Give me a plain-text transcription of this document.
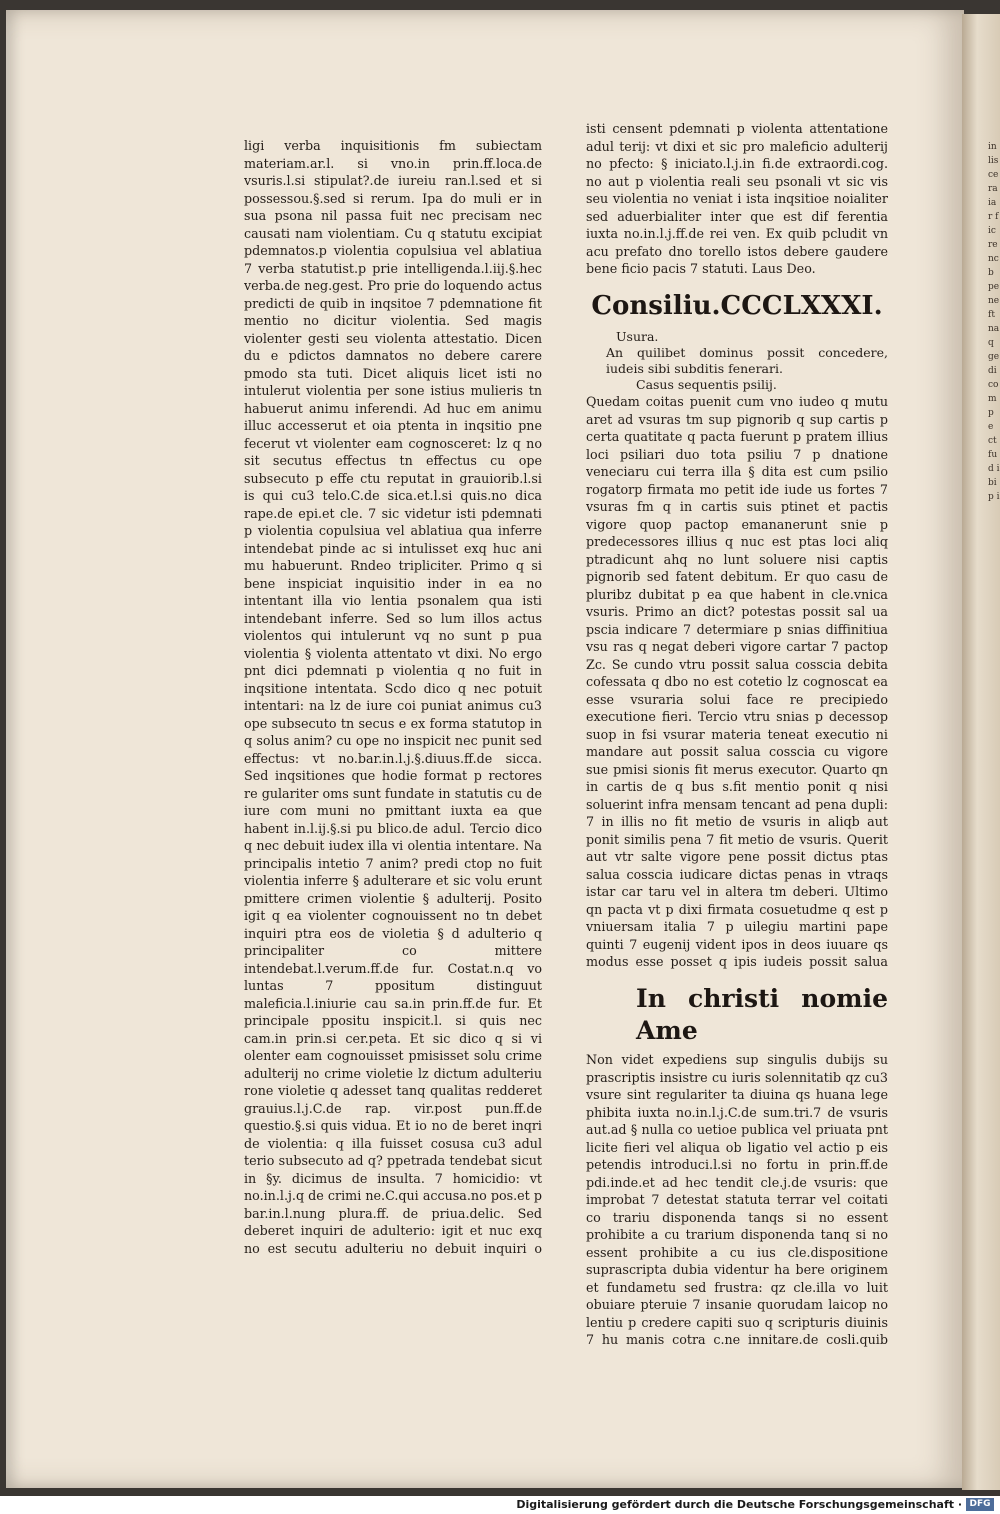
in lis ce ra ia r fic re nc b pe ne ft na q ge di co m p e ct fu d i bi p i

ligi verba inquisitionis fm subiectam materiam.ar.l. si vno.in prin.ff.loca.de vsuris.l.si stipulat?.de iureiu ran.l.sed et si possessou.§.sed si rerum. Ipa do muli er in sua psona nil passa fuit nec precisam nec causati nam violentiam. Cu q statutu excipiat pdemnatos.p violentia copulsiua vel ablatiua 7 verba statutist.p prie intelligenda.l.iij.§.hec verba.de neg.gest. Pro prie do loquendo actus predicti de quib in inqsitoe 7 pdemnatione fit mentio no dicitur violentia. Sed magis violenter gesti seu violenta attestatio. Dicen du e pdictos damnatos no debere carere pmodo sta tuti. Dicet aliquis licet isti no intulerut violentia per sone istius mulieris tn habuerut animu inferendi. Ad huc em animu illuc accesserut et oia ptenta in inqsitio pne fecerut vt violenter eam cognosceret: lz q no sit secutus effectus tn effectus cu ope subsecuto p effe ctu reputat in grauiorib.l.si is qui cu3 telo.C.de sica.et.l.si quis.no dica rape.de epi.et cle. 7 sic videtur isti pdemnati p violentia copulsiua vel ablatiua qua inferre intendebat pinde ac si intulisset exq huc ani mu habuerunt. Rndeo tripliciter. Primo q si bene inspiciat inquisitio inder in ea no intentant illa vio lentia psonalem qua isti intendebant inferre. Sed so lum illos actus violentos qui intulerunt vq no sunt p pua violentia § violenta attentato vt dixi. No ergo pnt dici pdemnati p violentia q no fuit in inqsitione intentata. Scdo dico q nec potuit intentari: na lz de iure coi puniat animus cu3 ope subsecuto tn secus e ex forma statutop in q solus anim? cu ope no inspicit nec punit sed effectus: vt no.bar.in.l.j.§.diuus.ff.de sicca. Sed inqsitiones que hodie format p rectores re gulariter oms sunt fundate in statutis cu de iure com muni no pmittant iuxta ea que habent in.l.ij.§.si pu blico.de adul. Tercio dico q nec debuit iudex illa vi olentia intentare. Na principalis intetio 7 anim? predi ctop no fuit violentia inferre § adulterare et sic volu erunt pmittere crimen violentie § adulterij. Posito igit q ea violenter cognouissent no tn debet inquiri ptra eos de violetia § d adulterio q principaliter co mittere intendebat.l.verum.ff.de fur. Costat.n.q vo luntas 7 ppositum distinguut maleficia.l.iniurie cau sa.in prin.ff.de fur. Et principale ppositu inspicit.l. si quis nec cam.in prin.si cer.peta. Et sic dico q si vi olenter eam cognouisset pmisisset solu crime adulterij no crime violetie lz dictum adulteriu rone violetie q adesset tanq qualitas redderet grauius.l.j.C.de rap. vir.post pun.ff.de questio.§.si quis vidua. Et io no de beret inqri de violentia: q illa fuisset cosusa cu3 adul terio subsecuto ad q? ppetrada tendebat sicut in §y. dicimus de insulta. 7 homicidio: vt no.in.l.j.q de crimi ne.C.qui accusa.no pos.et p bar.in.l.nung plura.ff. de priua.delic. Sed deberet inquiri de adulterio: igit et nuc exq no est secutu adulteriu no debuit inquiri o

isti censent pdemnati p violenta attentatione adul terij: vt dixi et sic pro maleficio adulterij no pfecto: § iniciato.l.j.in fi.de extraordi.cog. no aut p violentia reali seu psonali vt sic vis seu violentia no veniat i ista inqsitioe noialiter sed aduerbialiter inter que est dif ferentia iuxta no.in.l.j.ff.de rei ven. Ex quib pcludit vn acu prefato dno torello istos debere gaudere bene ficio pacis 7 statuti. Laus Deo.

Consiliu.CCCLXXXI.

Usura.

An quilibet dominus possit concedere, iudeis sibi subditis fenerari.

Casus sequentis psilij.

Quedam coitas puenit cum vno iudeo q mutu aret ad vsuras tm sup pignorib q sup cartis p certa quatitate q pacta fuerunt p pratem illius loci psiliari duo tota psiliu 7 p dnatione veneciaru cui terra illa § dita est cum psilio rogatorp firmata mo petit ide iude us fortes 7 vsuras fm q in cartis suis ptinet et pactis vigore quop pactop emananerunt snie p predecessores illius q nuc est ptas loci aliq ptradicunt ahq no lunt soluere nisi captis pignorib sed fatent debitum. Er quo casu de pluribz dubitat p ea que habent in cle.vnica vsuris. Primo an dict? potestas possit sal ua pscia indicare 7 determiare p snias diffinitiua vsu ras q negat deberi vigore cartar 7 pactop Zc. Se cundo vtru possit salua cosscia debita cofessata q dbo no est cotetio lz cognoscat ea esse vsuraria solui face re precipiedo executione fieri. Tercio vtru snias p decessop suop in fsi vsurar materia teneat executio ni mandare aut possit salua cosscia cu vigore sue pmisi sionis fit merus executor. Quarto qn in cartis de q bus s.fit mentio ponit q nisi soluerint infra mensam tencant ad pena dupli: 7 in illis no fit metio de vsuris in aliqb aut ponit similis pena 7 fit metio de vsuris. Querit aut vtr salte vigore pene possit dictus ptas salua cosscia iudicare dictas penas in vtraqs istar car taru vel in altera tm deberi. Ultimo qn pacta vt p dixi firmata cosuetudme q est p vniuersam italia 7 p uilegiu martini pape quinti 7 eugenij vident ipos in deos iuuare qs modus esse posset q ipis iudeis possit salua

In christi nomie Ame

Non videt expediens sup singulis dubijs su prascriptis insistre cu iuris solennitatib qz cu3 vsure sint regulariter ta diuina qs huana lege phibita iuxta no.in.l.j.C.de sum.tri.7 de vsuris aut.ad § nulla co uetioe publica vel priuata pnt licite fieri vel aliqua ob ligatio vel actio p eis petendis introduci.l.si no fortu in prin.ff.de pdi.inde.et ad hec tendit cle.j.de vsuris: que improbat 7 detestat statuta terrar vel coitati co trariu disponenda tanqs si no essent prohibite a cu trarium disponenda tanq si no essent prohibite a cu ius cle.dispositione suprascripta dubia videntur ha bere originem et fundametu sed frustra: qz cle.illa vo luit obuiare pteruie 7 insanie quorudam laicop no lentiu p credere capiti suo q scripturis diuinis 7 hu manis cotra c.ne innitare.de cosli.quib

Digitalisierung gefördert durch die Deutsche Forschungsgemeinschaft · DFG
